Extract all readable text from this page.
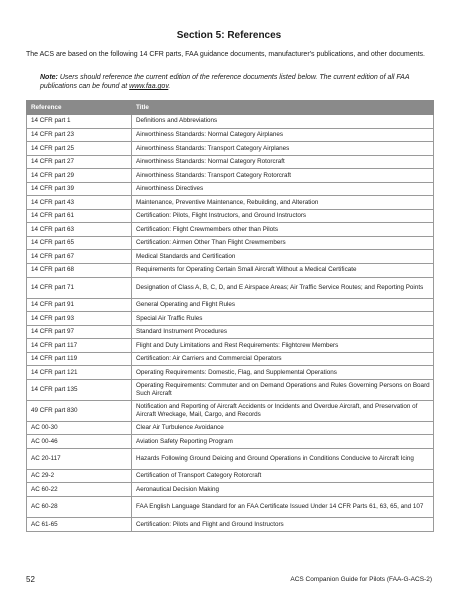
Section 5: References
The ACS are based on the following 14 CFR parts, FAA guidance documents, manufacturer's publications, and other documents.
Note: Users should reference the current edition of the reference documents listed below. The current edition of all FAA publications can be found at www.faa.gov.
Reference	Title
14 CFR part 1	Definitions and Abbreviations
14 CFR part 23	Airworthiness Standards: Normal Category Airplanes
14 CFR part 25	Airworthiness Standards: Transport Category Airplanes
14 CFR part 27	Airworthiness Standards: Normal Category Rotorcraft
14 CFR part 29	Airworthiness Standards: Transport Category Rotorcraft
14 CFR part 39	Airworthiness Directives
14 CFR part 43	Maintenance, Preventive Maintenance, Rebuilding, and Alteration
14 CFR part 61	Certification: Pilots, Flight Instructors, and Ground Instructors
14 CFR part 63	Certification: Flight Crewmembers other than Pilots
14 CFR part 65	Certification: Airmen Other Than Flight Crewmembers
14 CFR part 67	Medical Standards and Certification
14 CFR part 68	Requirements for Operating Certain Small Aircraft Without a Medical Certificate
14 CFR part 71	Designation of Class A, B, C, D, and E Airspace Areas; Air Traffic Service Routes; and Reporting Points
14 CFR part 91	General Operating and Flight Rules
14 CFR part 93	Special Air Traffic Rules
14 CFR part 97	Standard Instrument Procedures
14 CFR part 117	Flight and Duty Limitations and Rest Requirements: Flightcrew Members
14 CFR part 119	Certification: Air Carriers and Commercial Operators
14 CFR part 121	Operating Requirements: Domestic, Flag, and Supplemental Operations
14 CFR part 135	Operating Requirements: Commuter and on Demand Operations and Rules Governing Persons on Board Such Aircraft
49 CFR part 830	Notification and Reporting of Aircraft Accidents or Incidents and Overdue Aircraft, and Preservation of Aircraft Wreckage, Mail, Cargo, and Records
AC 00-30	Clear Air Turbulence Avoidance
AC 00-46	Aviation Safety Reporting Program
AC 20-117	Hazards Following Ground Deicing and Ground Operations in Conditions Conducive to Aircraft Icing
AC 29-2	Certification of Transport Category Rotorcraft
AC 60-22	Aeronautical Decision Making
AC 60-28	FAA English Language Standard for an FAA Certificate Issued Under 14 CFR Parts 61, 63, 65, and 107
AC 61-65	Certification: Pilots and Flight and Ground Instructors
52	ACS Companion Guide for Pilots (FAA-G-ACS-2)
